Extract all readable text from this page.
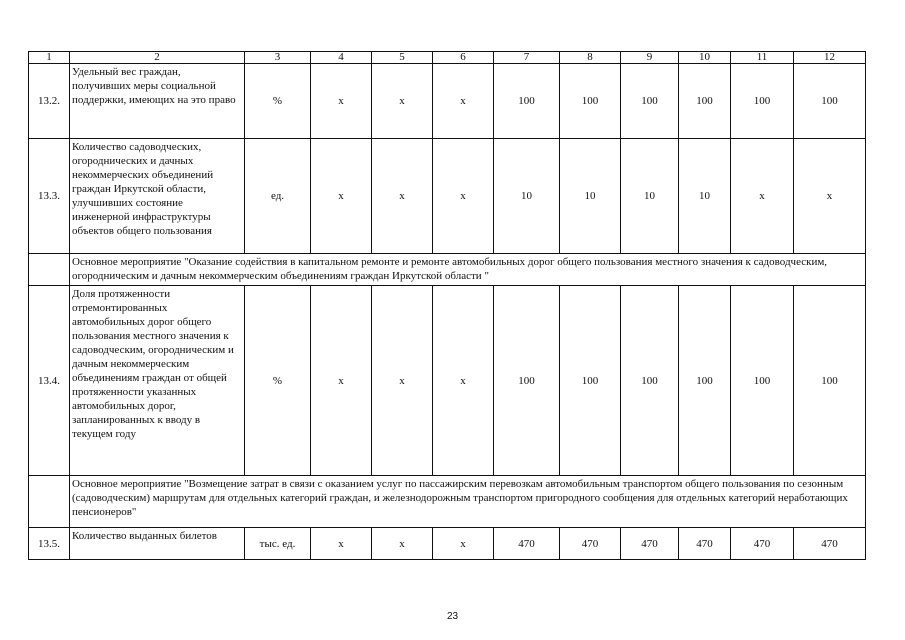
1	2	3	4	5	6	7	8	9	10	11	12
13.2.	Удельный вес граждан, получивших меры социальной поддержки, имеющих на это право	%	х	х	х	100	100	100	100	100	100
13.3.	Количество садоводческих, огороднических и дачных некоммерческих объединений граждан Иркутской области, улучшивших состояние инженерной инфраструктуры объектов общего пользования	ед.	х	х	х	10	10	10	10	х	х
	Основное мероприятие "Оказание содействия в капитальном ремонте и ремонте автомобильных дорог общего пользования местного значения к садоводческим, огородническим и дачным некоммерческим объединениям граждан Иркутской области "										
13.4.	Доля протяженности отремонтированных автомобильных дорог общего пользования местного значения к садоводческим, огородническим и дачным некоммерческим объединениям граждан от общей протяженности указанных автомобильных дорог, запланированных к вводу в текущем году	%	х	х	х	100	100	100	100	100	100
	Основное мероприятие "Возмещение затрат в связи с оказанием услуг по пассажирским перевозкам автомобильным транспортом общего пользования по сезонным (садоводческим) маршрутам для отдельных категорий граждан, и железнодорожным транспортом пригородного сообщения для отдельных категорий неработающих пенсионеров"										
13.5.	Количество выданных билетов	тыс. ед.	х	х	х	470	470	470	470	470	470
23
